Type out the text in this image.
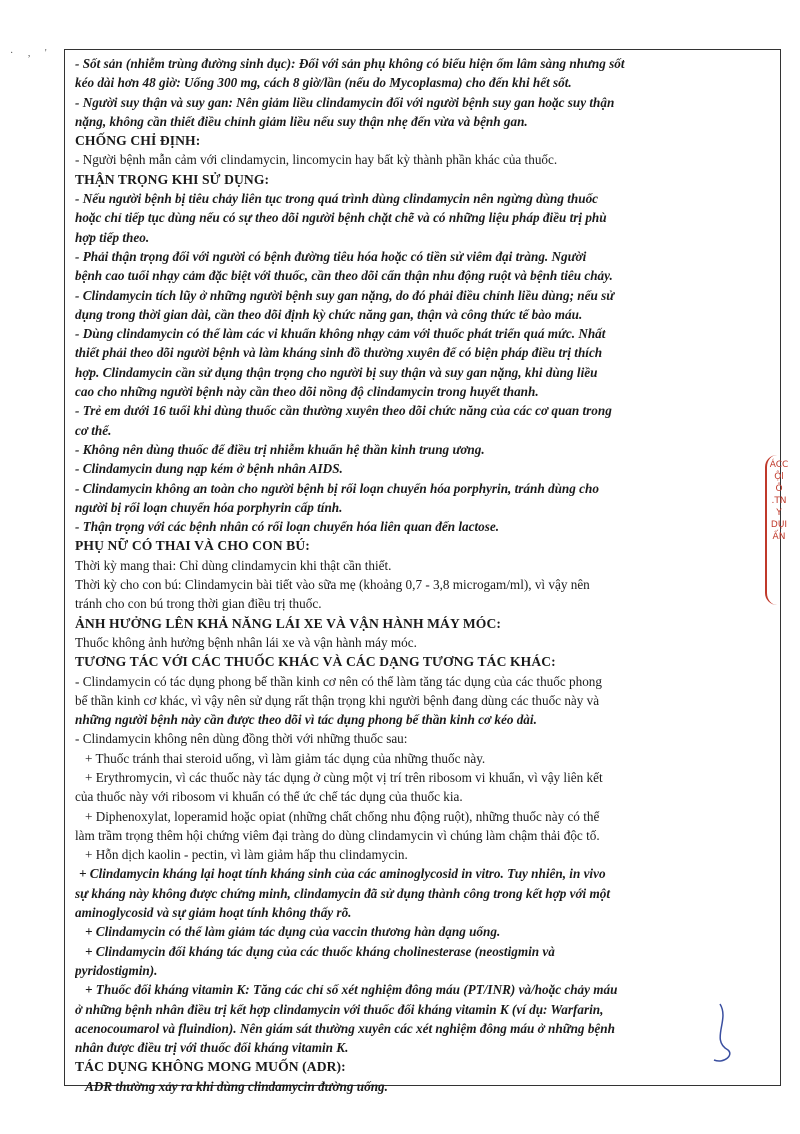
· , '
- Sốt sản (nhiễm trùng đường sinh dục): Đối với sản phụ không có biểu hiện ốm lâm sàng nhưng sốt
kéo dài hơn 48 giờ: Uống 300 mg, cách 8 giờ/lần (nếu do Mycoplasma) cho đến khi hết sốt.
- Người suy thận và suy gan: Nên giảm liều clindamycin đối với người bệnh suy gan hoặc suy thận
nặng, không cần thiết điều chỉnh giảm liều nếu suy thận nhẹ đến vừa và bệnh gan.
CHỐNG CHỈ ĐỊNH:
- Người bệnh mẫn cảm với clindamycin, lincomycin hay bất kỳ thành phần khác của thuốc.
THẬN TRỌNG KHI SỬ DỤNG:
- Nếu người bệnh bị tiêu chảy liên tục trong quá trình dùng clindamycin nên ngừng dùng thuốc
hoặc chỉ tiếp tục dùng nếu có sự theo dõi người bệnh chặt chẽ và có những liệu pháp điều trị phù
hợp tiếp theo.
- Phải thận trọng đối với người có bệnh đường tiêu hóa hoặc có tiền sử viêm đại tràng. Người
bệnh cao tuổi nhạy cảm đặc biệt với thuốc, cần theo dõi cẩn thận nhu động ruột và bệnh tiêu chảy.
- Clindamycin tích lũy ở những người bệnh suy gan nặng, do đó phải điều chỉnh liều dùng; nếu sử
dụng trong thời gian dài, cần theo dõi định kỳ chức năng gan, thận và công thức tế bào máu.
- Dùng clindamycin có thể làm các vi khuẩn không nhạy cảm với thuốc phát triển quá mức. Nhất
thiết phải theo dõi người bệnh và làm kháng sinh đồ thường xuyên để có biện pháp điều trị thích
hợp. Clindamycin cần sử dụng thận trọng cho người bị suy thận và suy gan nặng, khi dùng liều
cao cho những người bệnh này cần theo dõi nồng độ clindamycin trong huyết thanh.
- Trẻ em dưới 16 tuổi khi dùng thuốc cần thường xuyên theo dõi chức năng của các cơ quan trong
cơ thể.
- Không nên dùng thuốc để điều trị nhiễm khuẩn hệ thần kinh trung ương.
- Clindamycin dung nạp kém ở bệnh nhân AIDS.
- Clindamycin không an toàn cho người bệnh bị rối loạn chuyển hóa porphyrin, tránh dùng cho
người bị rối loạn chuyển hóa porphyrin cấp tính.
- Thận trọng với các bệnh nhân có rối loạn chuyển hóa liên quan đến lactose.
PHỤ NỮ CÓ THAI VÀ CHO CON BÚ:
Thời kỳ mang thai: Chỉ dùng clindamycin khi thật cần thiết.
Thời kỳ cho con bú: Clindamycin bài tiết vào sữa mẹ (khoảng 0,7 - 3,8 microgam/ml), vì vậy nên
tránh cho con bú trong thời gian điều trị thuốc.
ẢNH HƯỞNG LÊN KHẢ NĂNG LÁI XE VÀ VẬN HÀNH MÁY MÓC:
Thuốc không ảnh hưởng bệnh nhân lái xe và vận hành máy móc.
TƯƠNG TÁC VỚI CÁC THUỐC KHÁC VÀ CÁC DẠNG TƯƠNG TÁC KHÁC:
- Clindamycin có tác dụng phong bế thần kinh cơ nên có thể làm tăng tác dụng của các thuốc phong
bế thần kinh cơ khác, vì vậy nên sử dụng rất thận trọng khi người bệnh đang dùng các thuốc này và
những người bệnh này cần được theo dõi vì tác dụng phong bế thần kinh cơ kéo dài.
- Clindamycin không nên dùng đồng thời với những thuốc sau:
+ Thuốc tránh thai steroid uống, vì làm giảm tác dụng của những thuốc này.
+ Erythromycin, vì các thuốc này tác dụng ở cùng một vị trí trên ribosom vi khuẩn, vì vậy liên kết
của thuốc này với ribosom vi khuẩn có thể ức chế tác dụng của thuốc kia.
+ Diphenoxylat, loperamid hoặc opiat (những chất chống nhu động ruột), những thuốc này có thể
làm trầm trọng thêm hội chứng viêm đại tràng do dùng clindamycin vì chúng làm chậm thải độc tố.
+ Hỗn dịch kaolin - pectin, vì làm giảm hấp thu clindamycin.
+ Clindamycin kháng lại hoạt tính kháng sinh của các aminoglycosid in vitro. Tuy nhiên, in vivo
sự kháng này không được chứng minh, clindamycin đã sử dụng thành công trong kết hợp với một
aminoglycosid và sự giảm hoạt tính không thấy rõ.
+ Clindamycin có thể làm giảm tác dụng của vaccin thương hàn dạng uống.
+ Clindamycin đối kháng tác dụng của các thuốc kháng cholinesterase (neostigmin và
pyridostigmin).
+ Thuốc đối kháng vitamin K: Tăng các chỉ số xét nghiệm đông máu (PT/INR) và/hoặc chảy máu
ở những bệnh nhân điều trị kết hợp clindamycin với thuốc đối kháng vitamin K (ví dụ: Warfarin,
acenocoumarol và fluindion). Nên giám sát thường xuyên các xét nghiệm đông máu ở những bệnh
nhân được điều trị với thuốc đối kháng vitamin K.
TÁC DỤNG KHÔNG MONG MUỐN (ADR):
ADR thường xảy ra khi dùng clindamycin đường uống.
ÁCC
Ộl
Ô
.TN
Y
DỤI
ẤN
